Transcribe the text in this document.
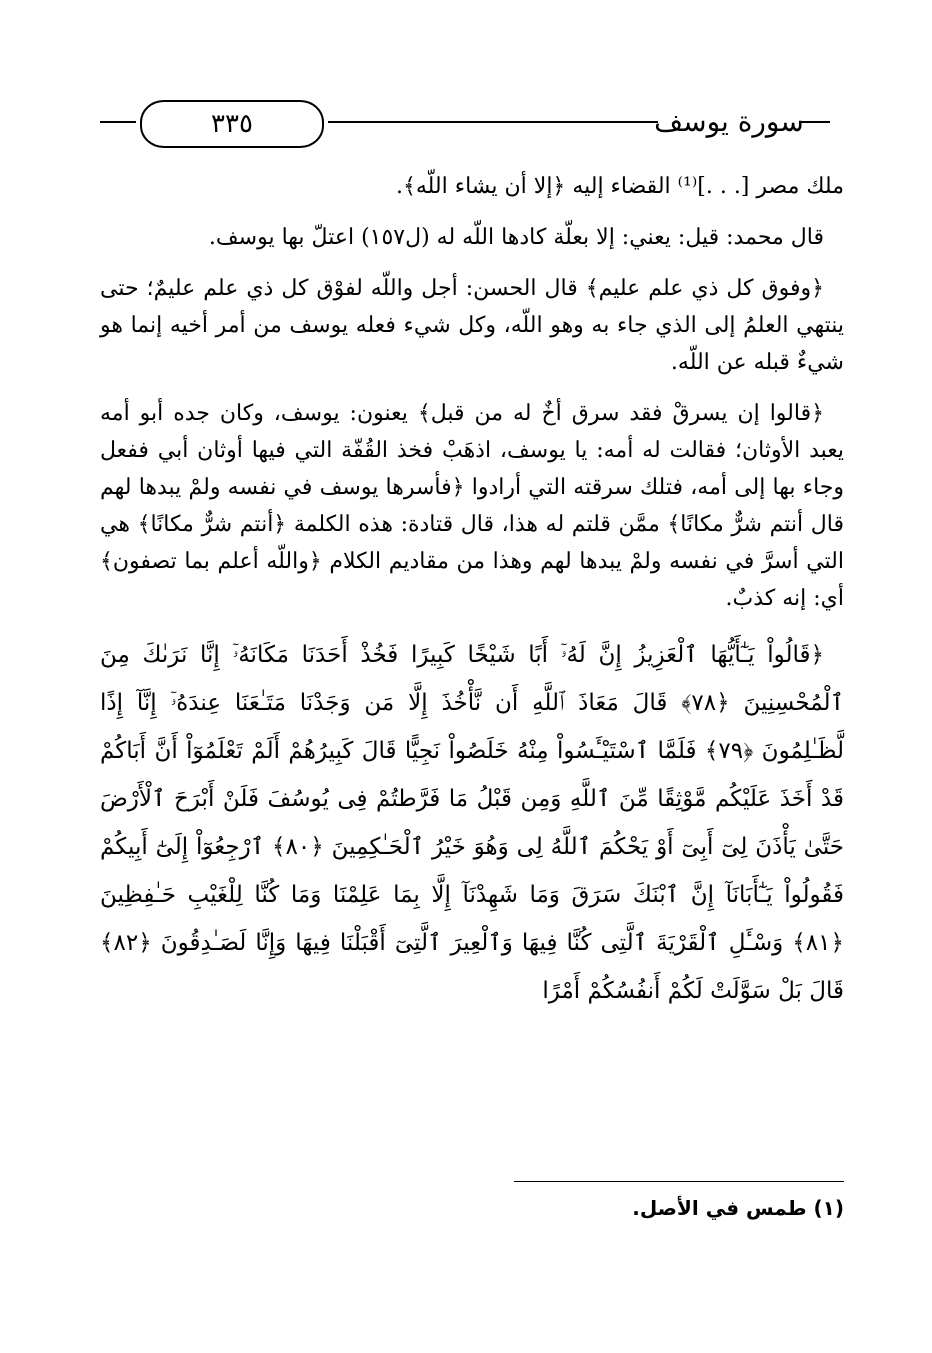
٣٣٥	سورة يوسف

ملك مصر [. . .]⁽¹⁾ القضاء إليه ﴿إلا أن يشاء اللّه﴾.

قال محمد: قيل: يعني: إلا بعلّة كادها اللّه له (ل١٥٧) اعتلّ بها يوسف.

﴿وفوق كل ذي علم عليم﴾ قال الحسن: أجل واللّه لفوْق كل ذي علم عليمٌ؛ حتى ينتهي العلمُ إلى الذي جاء به وهو اللّه، وكل شيء فعله يوسف من أمر أخيه إنما هو شيءٌ قبله عن اللّه.

﴿قالوا إن يسرقْ فقد سرق أخٌ له من قبل﴾ يعنون: يوسف، وكان جده أبو أمه يعبد الأوثان؛ فقالت له أمه: يا يوسف، اذهَبْ فخذ القُفّة التي فيها أوثان أبي ففعل وجاء بها إلى أمه، فتلك سرقته التي أرادوا ﴿فأسرها يوسف في نفسه ولمْ يبدها لهم قال أنتم شرٌّ مكانًا﴾ ممَّن قلتم له هذا، قال قتادة: هذه الكلمة ﴿أنتم شرٌّ مكانًا﴾ هي التي أسرَّ في نفسه ولمْ يبدها لهم وهذا من مقاديم الكلام ﴿واللّه أعلم بما تصفون﴾ أي: إنه كذبٌ.

﴿قَالُواْ يَـٰٓأَيُّهَا ٱلْعَزِيزُ إِنَّ لَهُۥٓ أَبًا شَيْخًا كَبِيرًا فَخُذْ أَحَدَنَا مَكَانَهُۥٓ إِنَّا نَرَىٰكَ مِنَ ٱلْمُحْسِنِينَ ﴿٧٨﴾ قَالَ مَعَاذَ ٱللَّهِ أَن نَّأْخُذَ إِلَّا مَن وَجَدْنَا مَتَـٰعَنَا عِندَهُۥٓ إِنَّآ إِذًا لَّظَـٰلِمُونَ ﴿٧٩﴾ فَلَمَّا ٱسْتَيْـَٔسُواْ مِنْهُ خَلَصُواْ نَجِيًّا قَالَ كَبِيرُهُمْ أَلَمْ تَعْلَمُوٓاْ أَنَّ أَبَاكُمْ قَدْ أَخَذَ عَلَيْكُم مَّوْثِقًا مِّنَ ٱللَّهِ وَمِن قَبْلُ مَا فَرَّطتُمْ فِى يُوسُفَ فَلَنْ أَبْرَحَ ٱلْأَرْضَ حَتَّىٰ يَأْذَنَ لِىٓ أَبِىٓ أَوْ يَحْكُمَ ٱللَّهُ لِى وَهُوَ خَيْرُ ٱلْحَـٰكِمِينَ ﴿٨٠﴾ ٱرْجِعُوٓاْ إِلَىٰٓ أَبِيكُمْ فَقُولُواْ يَـٰٓأَبَانَآ إِنَّ ٱبْنَكَ سَرَقَ وَمَا شَهِدْنَآ إِلَّا بِمَا عَلِمْنَا وَمَا كُنَّا لِلْغَيْبِ حَـٰفِظِينَ ﴿٨١﴾ وَسْـَٔلِ ٱلْقَرْيَةَ ٱلَّتِى كُنَّا فِيهَا وَٱلْعِيرَ ٱلَّتِىٓ أَقْبَلْنَا فِيهَا وَإِنَّا لَصَـٰدِقُونَ ﴿٨٢﴾ قَالَ بَلْ سَوَّلَتْ لَكُمْ أَنفُسُكُمْ أَمْرًا

(١) طمس في الأصل.
